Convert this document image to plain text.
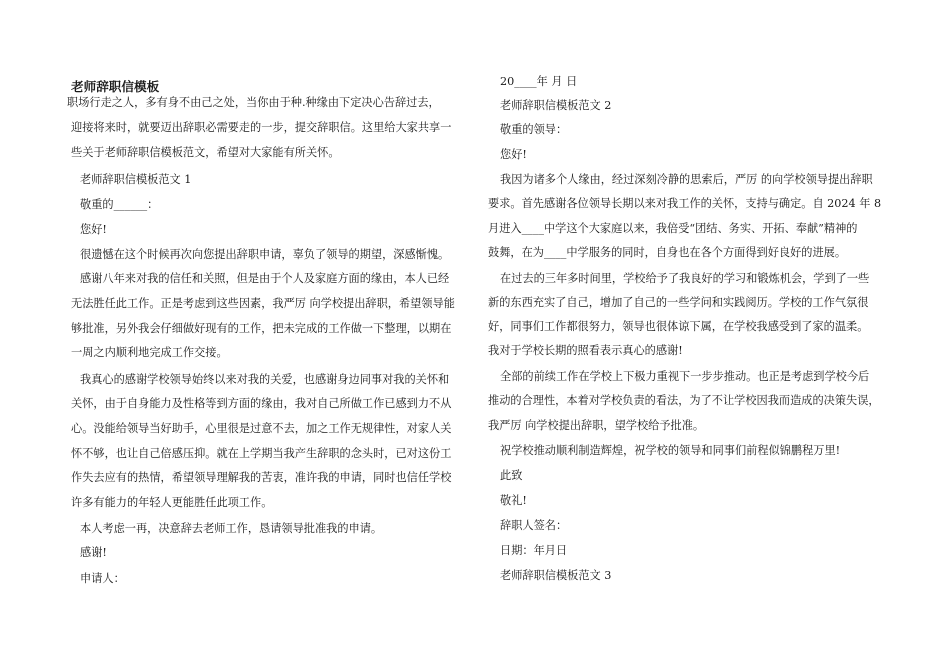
老师辞职信模板

职场行走之人，多有身不由己之处，当你由于种.种缘由下定决心告辞过去，

迎接将来时，就要迈出辞职必需要走的一步，提交辞职信。这里给大家共享一

些关于老师辞职信模板范文，希望对大家能有所关怀。

老师辞职信模板范文 1

敬重的______：

您好!

很遗憾在这个时候再次向您提出辞职申请，辜负了领导的期望，深感惭愧。

感谢八年来对我的信任和关照，但是由于个人及家庭方面的缘由，本人已经

无法胜任此工作。正是考虑到这些因素，我严厉 向学校提出辞职，希望领导能

够批准，另外我会仔细做好现有的工作，把未完成的工作做一下整理，以期在

一周之内顺利地完成工作交接。

我真心的感谢学校领导始终以来对我的关爱，也感谢身边同事对我的关怀和

关怀，由于自身能力及性格等到方面的缘由，我对自己所做工作已感到力不从

心。没能给领导当好助手，心里很是过意不去，加之工作无规律性，对家人关

怀不够，也让自己倍感压抑。就在上学期当我产生辞职的念头时，已对这份工

作失去应有的热情，希望领导理解我的苦衷，准许我的申请，同时也信任学校

许多有能力的年轻人更能胜任此项工作。

本人考虑一再，决意辞去老师工作，恳请领导批准我的申请。

感谢!

申请人：

20____年 月 日

老师辞职信模板范文 2

敬重的领导：

您好!

我因为诸多个人缘由，经过深刻冷静的思索后，严厉 的向学校领导提出辞职

要求。首先感谢各位领导长期以来对我工作的关怀，支持与确定。自 2024 年 8

月进入____中学这个大家庭以来，我倍受“团结、务实、开拓、奉献”精神的

鼓舞，在为____中学服务的同时，自身也在各个方面得到好良好的进展。

在过去的三年多时间里，学校给予了我良好的学习和锻炼机会，学到了一些

新的东西充实了自己，增加了自己的一些学问和实践阅历。学校的工作气氛很

好，同事们工作都很努力，领导也很体谅下属，在学校我感受到了家的温柔。

我对于学校长期的照看表示真心的感谢!

全部的前续工作在学校上下极力重视下一步步推动。也正是考虑到学校今后

推动的合理性，本着对学校负责的看法，为了不让学校因我而造成的决策失误，

我严厉 向学校提出辞职，望学校给予批准。

祝学校推动顺利制造辉煌，祝学校的领导和同事们前程似锦鹏程万里!

此致

敬礼!

辞职人签名：

日期：年月日

老师辞职信模板范文 3
